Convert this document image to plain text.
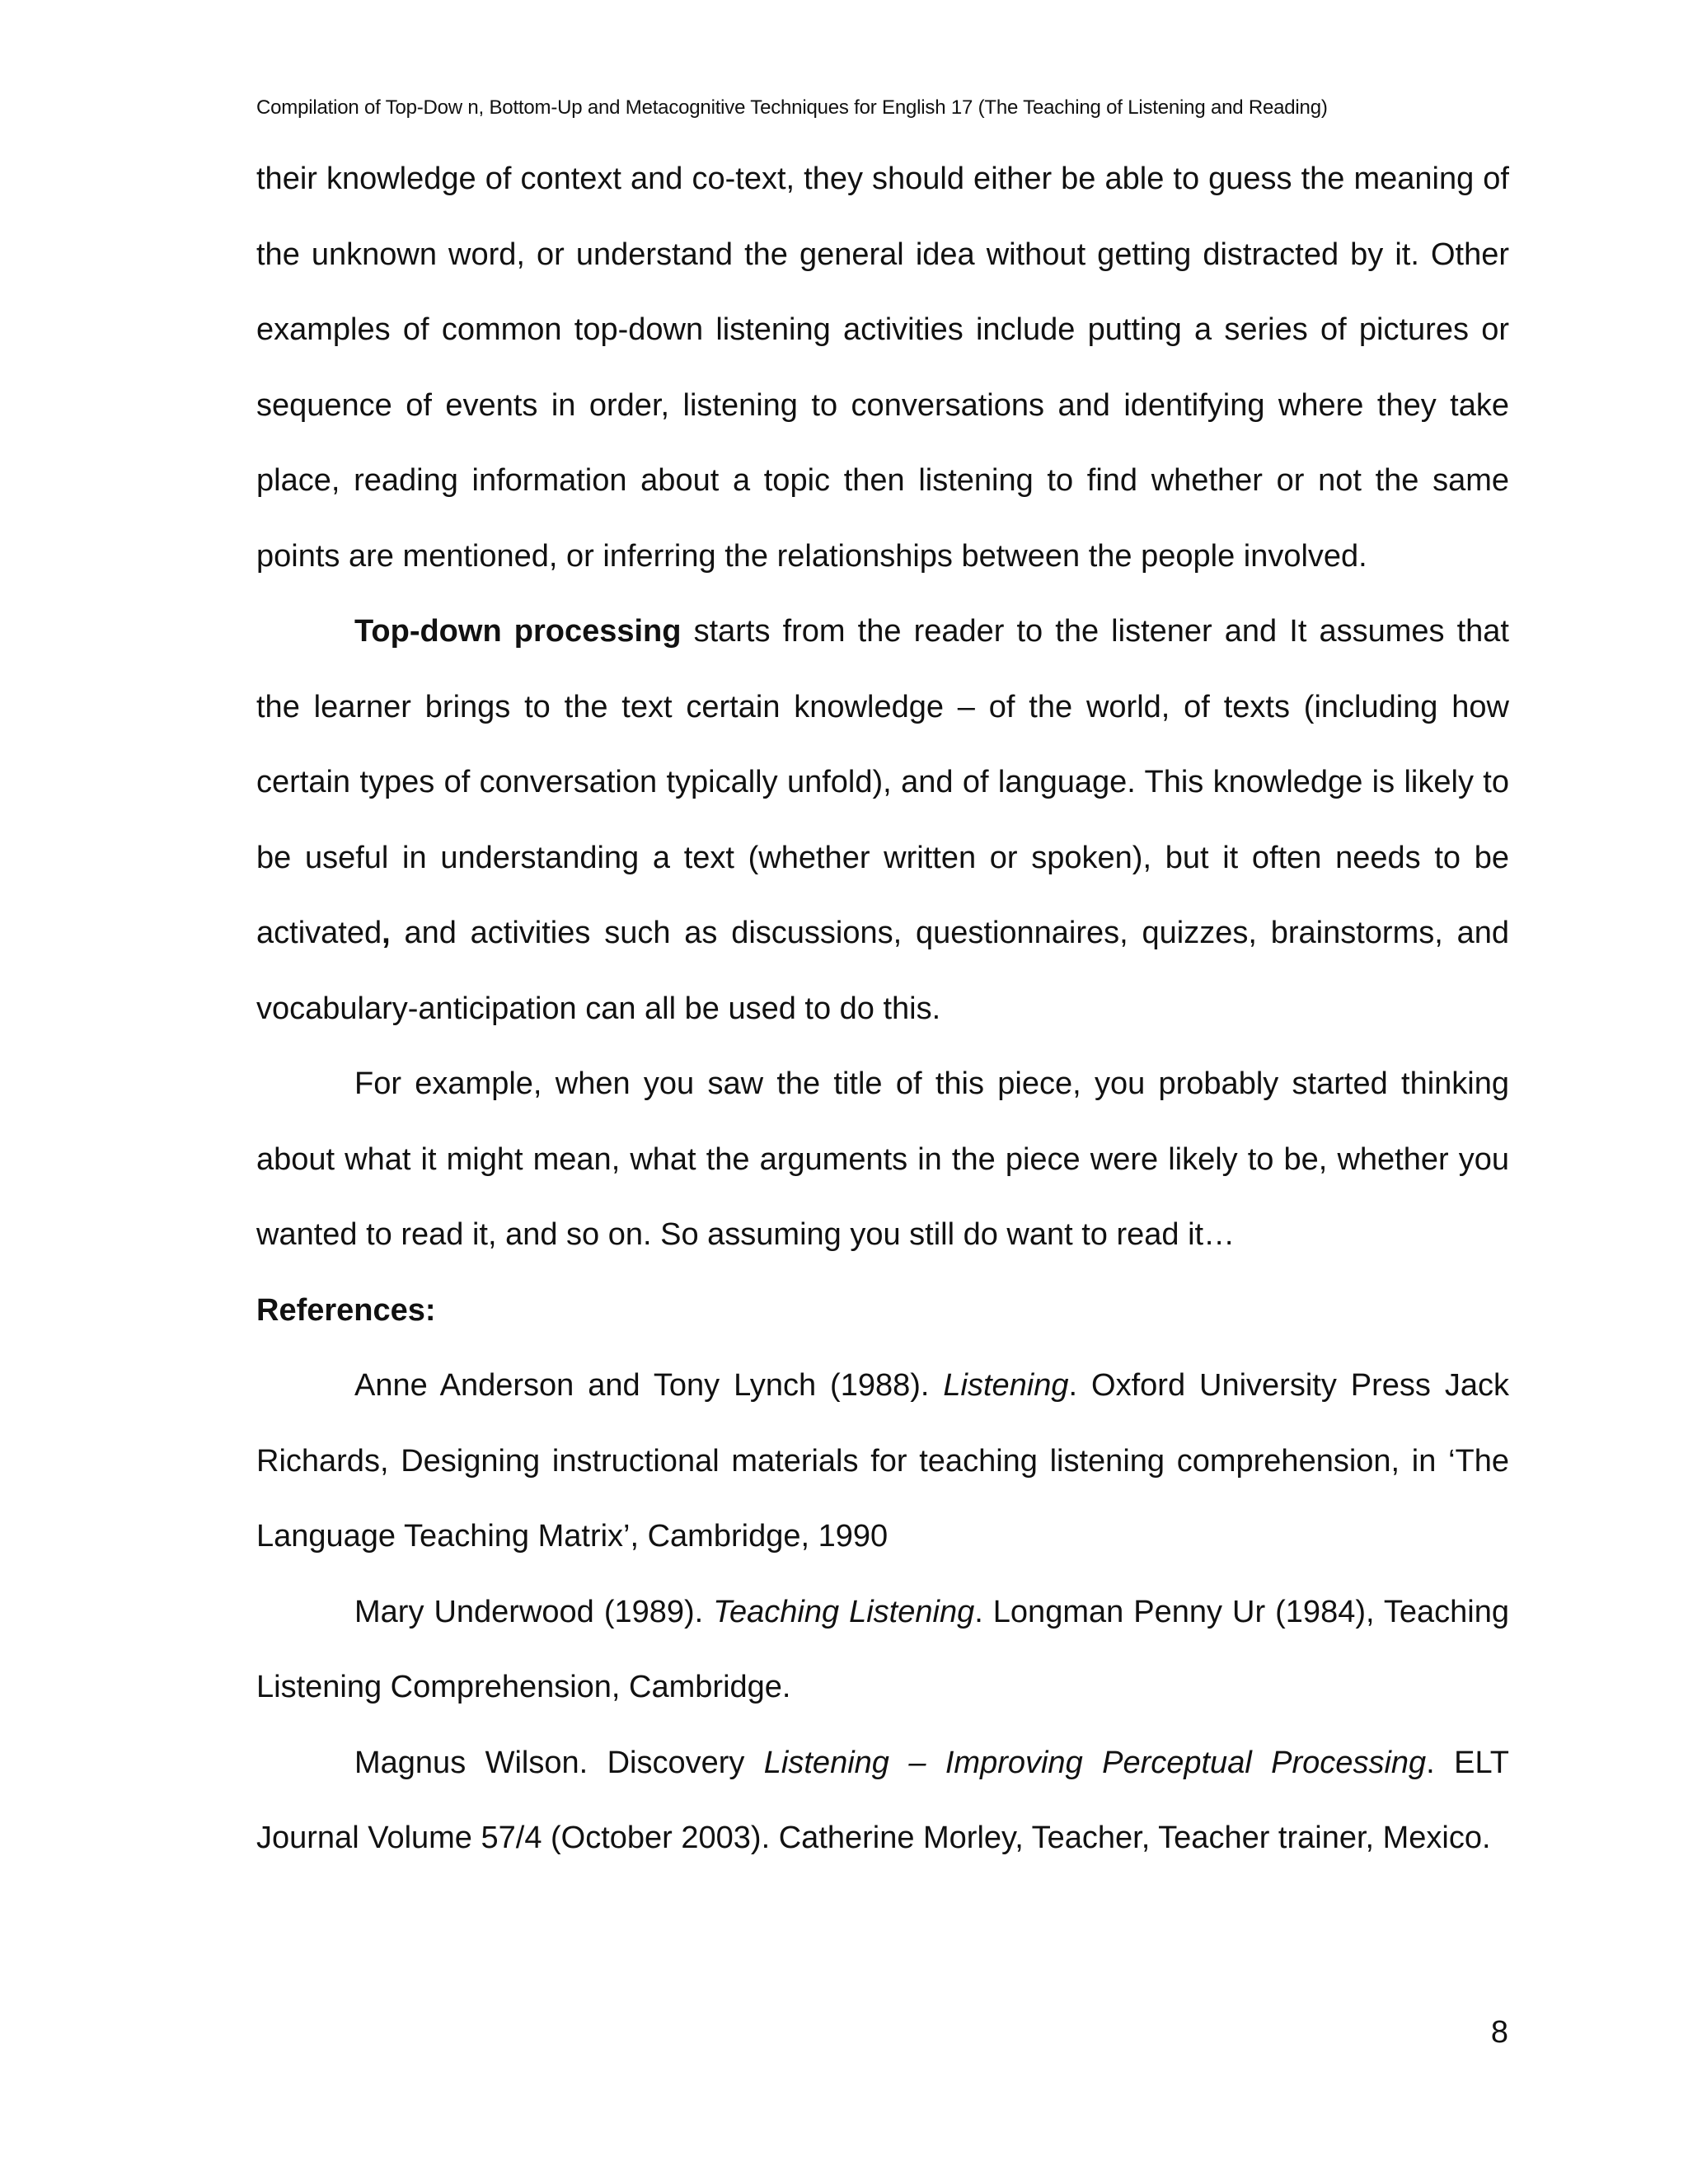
Compilation of Top-Dow n, Bottom-Up and Metacognitive Techniques for English 17 (The Teaching of Listening and Reading)

their knowledge of context and co-text, they should either be able to guess the meaning of the unknown word, or understand the general idea without getting distracted by it. Other examples of common top-down listening activities include putting a series of pictures or sequence of events in order, listening to conversations and identifying where they take place, reading information about a topic then listening to find whether or not the same points are mentioned, or inferring the relationships between the people involved.

Top-down processing starts from the reader to the listener and It assumes that the learner brings to the text certain knowledge – of the world, of texts (including how certain types of conversation typically unfold), and of language. This knowledge is likely to be useful in understanding a text (whether written or spoken), but it often needs to be activated, and activities such as discussions, questionnaires, quizzes, brainstorms, and vocabulary-anticipation can all be used to do this.

For example, when you saw the title of this piece, you probably started thinking about what it might mean, what the arguments in the piece were likely to be, whether you wanted to read it, and so on. So assuming you still do want to read it…

References:

Anne Anderson and Tony Lynch (1988). Listening. Oxford University Press Jack Richards, Designing instructional materials for teaching listening comprehension, in ‘The Language Teaching Matrix’, Cambridge, 1990

Mary Underwood (1989). Teaching Listening. Longman Penny Ur (1984), Teaching Listening Comprehension, Cambridge.

Magnus Wilson. Discovery Listening – Improving Perceptual Processing. ELT Journal Volume 57/4 (October 2003). Catherine Morley, Teacher, Teacher trainer, Mexico.

8
